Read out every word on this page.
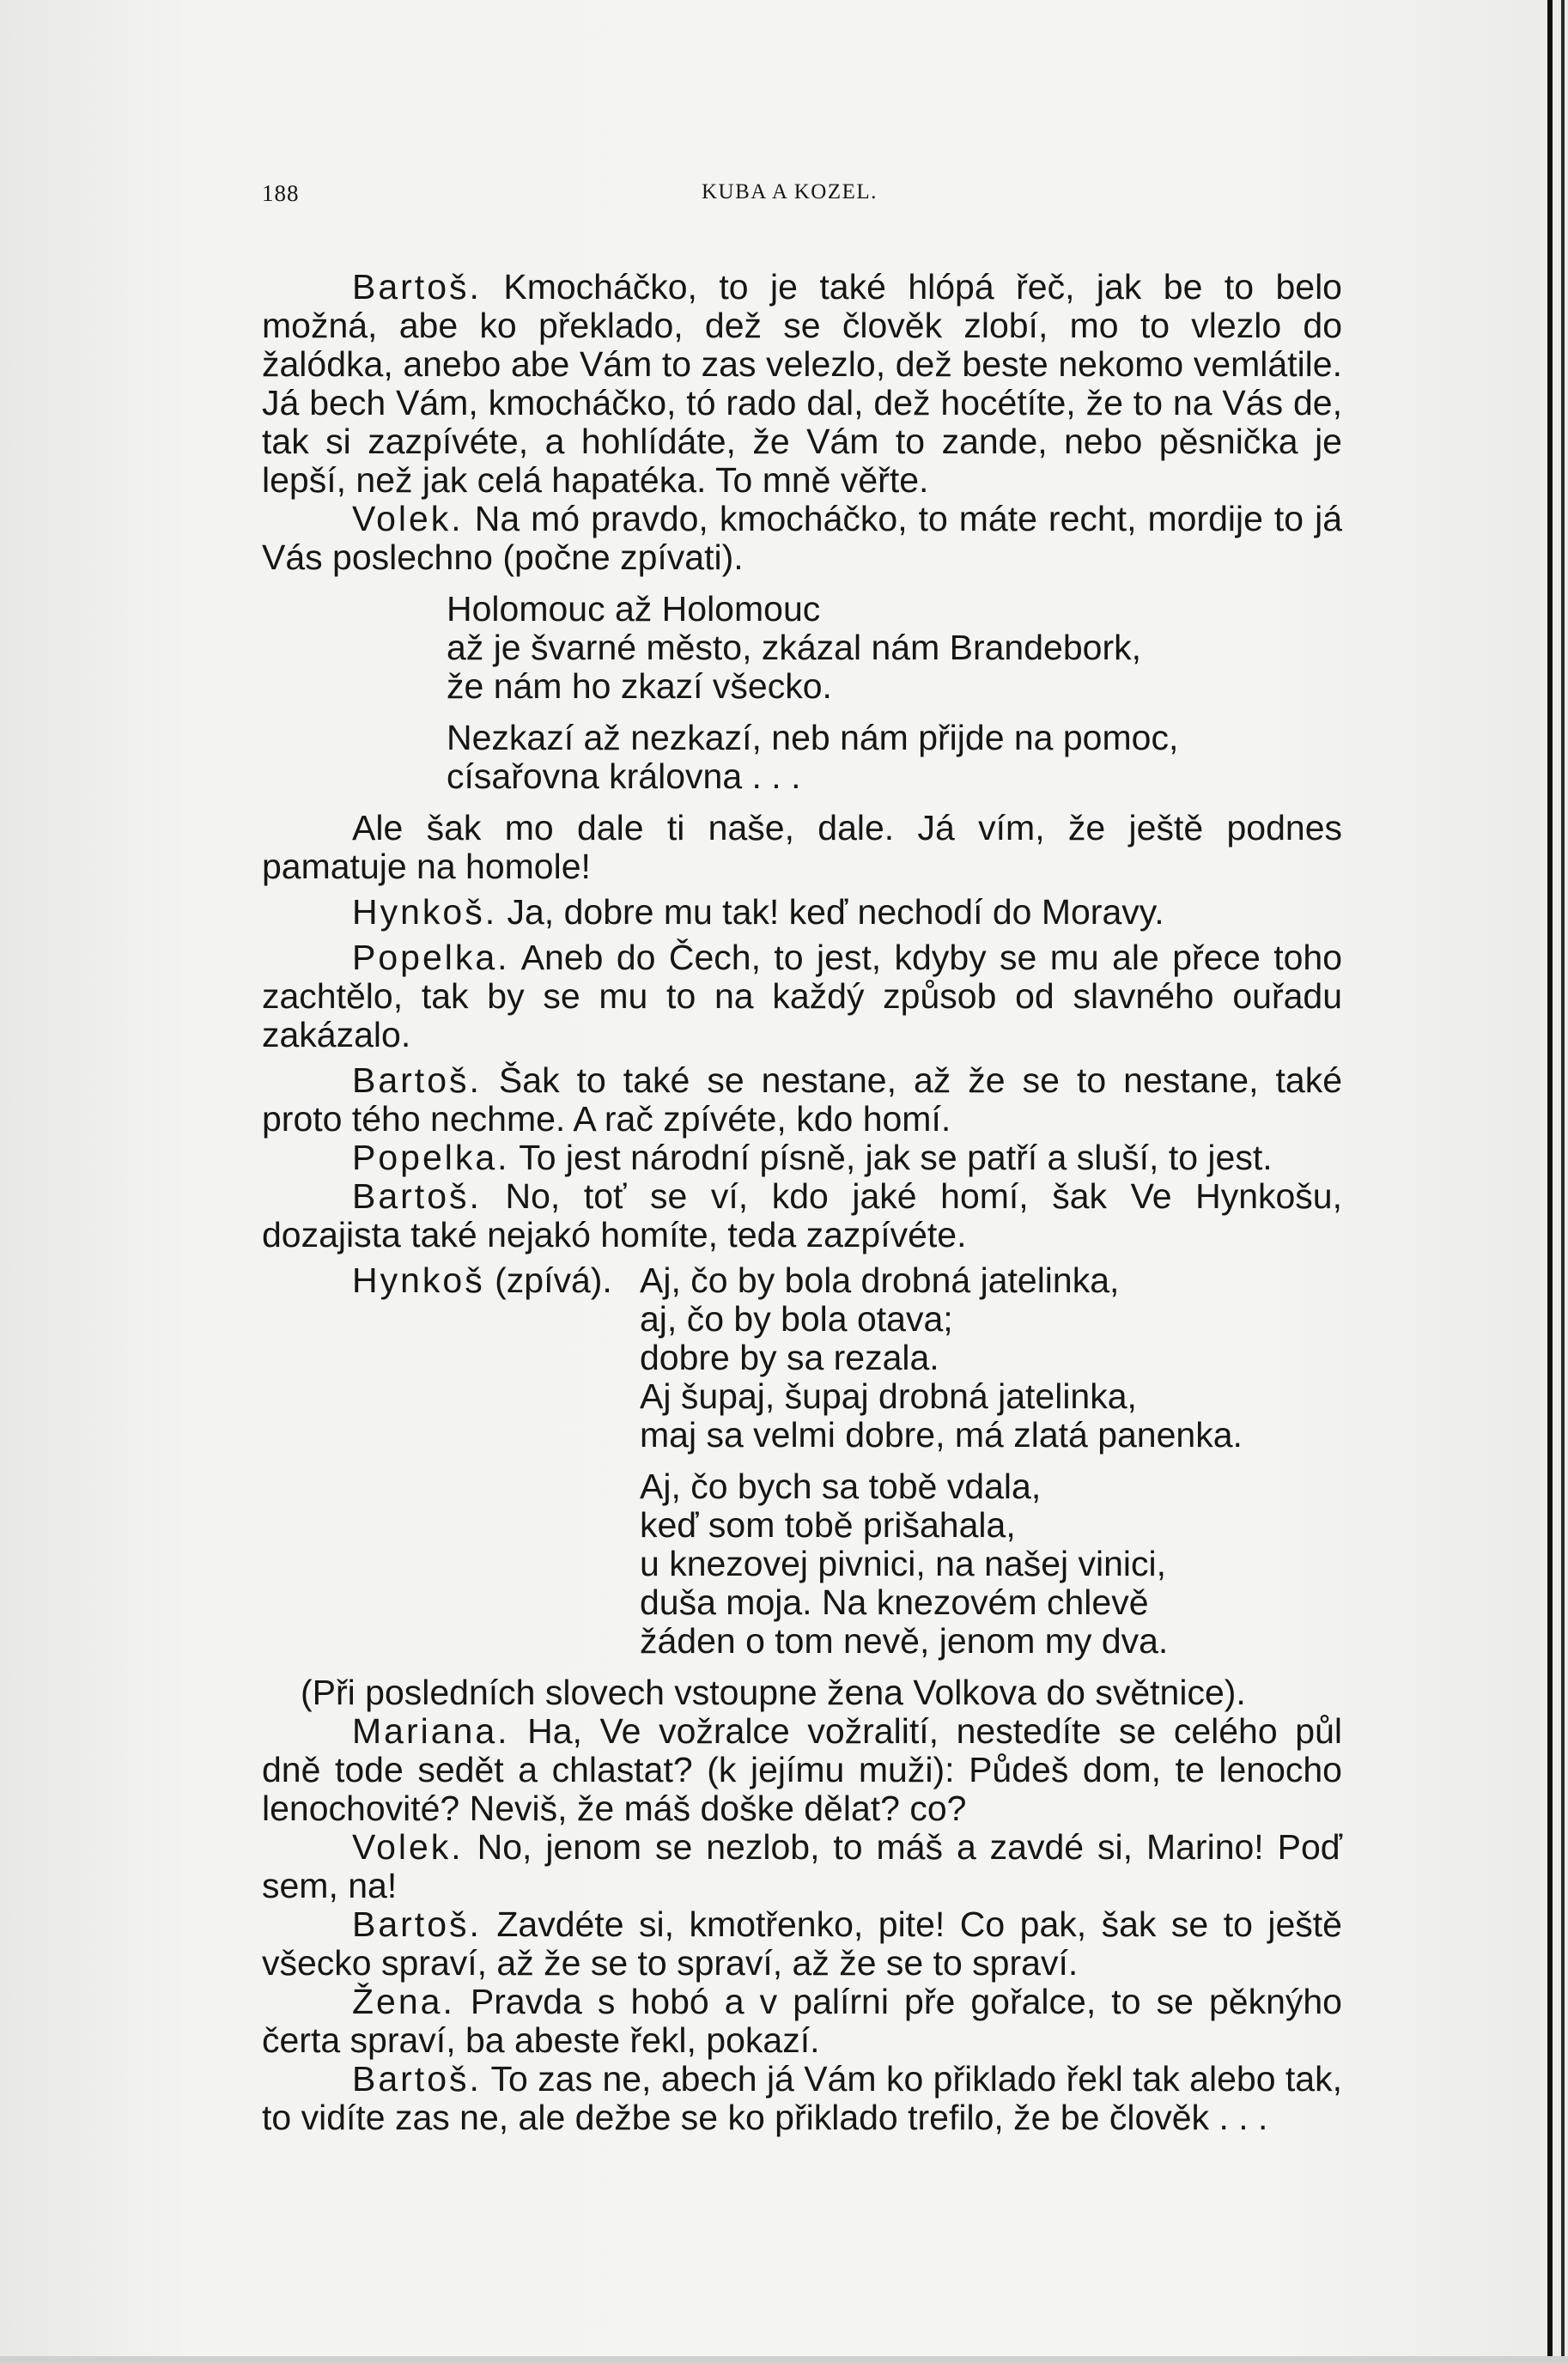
188	KUBA A KOZEL.

Bartoš. Kmocháčko, to je také hlópá řeč, jak be to belo možná, abe ko překlado, dež se člověk zlobí, mo to vlezlo do žalódka, anebo abe Vám to zas velezlo, dež beste nekomo vemlátile. Já bech Vám, kmocháčko, tó rado dal, dež hocétíte, že to na Vás de, tak si zazpívéte, a hohlídáte, že Vám to zande, nebo pěsnička je lepší, než jak celá hapatéka. To mně věřte.

Volek. Na mó pravdo, kmocháčko, to máte recht, mordije to já Vás poslechno (počne zpívati).

Holomouc až Holomouc
až je švarné město, zkázal nám Brandebork,
že nám ho zkazí všecko.
Nezkazí až nezkazí, neb nám přijde na pomoc,
císařovna královna . . .

Ale šak mo dale ti naše, dale. Já vím, že ještě podnes pamatuje na homole!

Hynkoš. Ja, dobre mu tak! keď nechodí do Moravy.

Popelka. Aneb do Čech, to jest, kdyby se mu ale přece toho zachtělo, tak by se mu to na každý způsob od slavného ouřadu zakázalo.

Bartoš. Šak to také se nestane, až že se to nestane, také proto tého nechme. A rač zpívéte, kdo homí.

Popelka. To jest národní písně, jak se patří a sluší, to jest.

Bartoš. No, toť se ví, kdo jaké homí, šak Ve Hynkošu, dozajista také nejakó homíte, teda zazpívéte.

Hynkoš (zpívá). Aj, čo by bola drobná jatelinka,
aj, čo by bola otava;
dobre by sa rezala.
Aj šupaj, šupaj drobná jatelinka,
maj sa velmi dobre, má zlatá panenka.
Aj, čo bych sa tobě vdala,
keď som tobě prišahala,
u knezovej pivnici, na našej vinici,
duša moja. Na knezovém chlevě
žáden o tom nevě, jenom my dva.

(Při posledních slovech vstoupne žena Volkova do světnice).

Mariana. Ha, Ve vožralce vožralití, nestedíte se celého půl dně tode sedět a chlastat? (k jejímu muži): Půdeš dom, te lenocho lenochovité? Neviš, že máš doške dělat? co?

Volek. No, jenom se nezlob, to máš a zavdé si, Marino! Poď sem, na!

Bartoš. Zavdéte si, kmotřenko, pite! Co pak, šak se to ještě všecko spraví, až že se to spraví, až že se to spraví.

Žena. Pravda s hobó a v palírni pře gořalce, to se pěknýho čerta spraví, ba abeste řekl, pokazí.

Bartoš. To zas ne, abech já Vám ko přiklado řekl tak alebo tak, to vidíte zas ne, ale dežbe se ko přiklado trefilo, že be člověk . . .
